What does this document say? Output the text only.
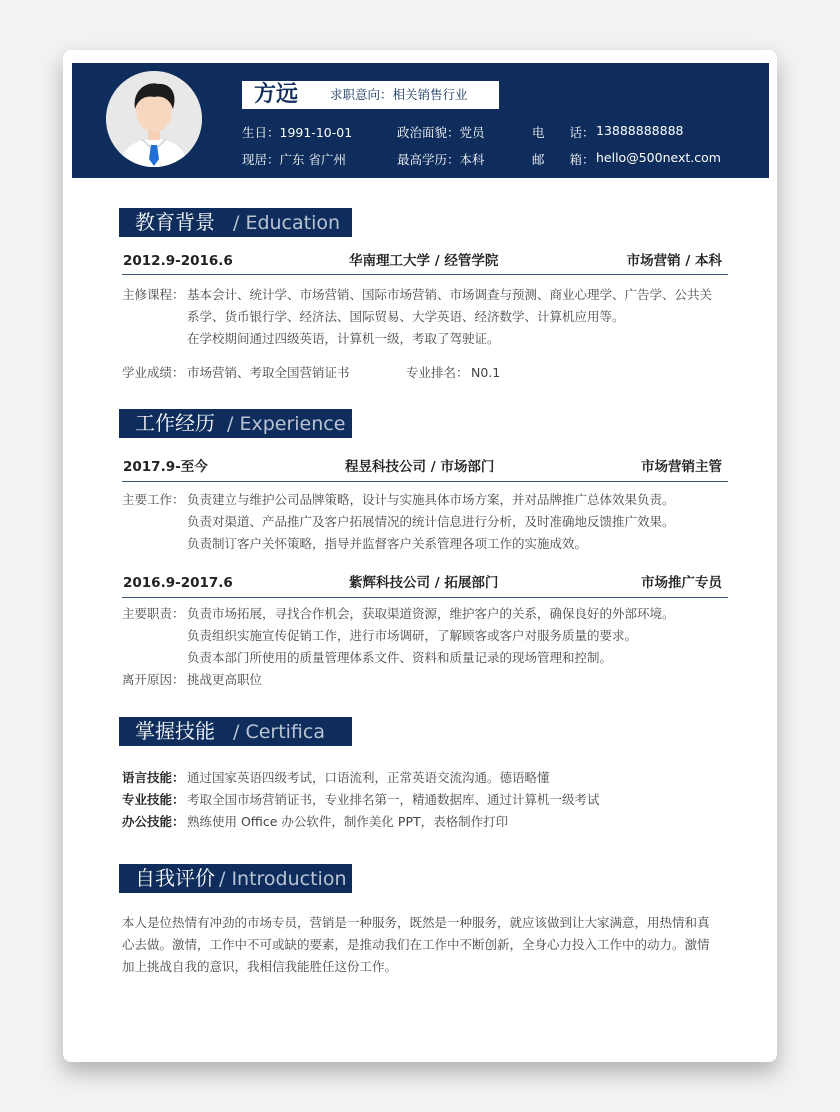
方远	求职意向：相关销售行业
生日：1991-10-01	政治面貌：党员	电　　话： 13888888888
现居：广东 省广州	最高学历：本科	邮　　箱： hello@500next.com
教育背景 / Education
2012.9-2016.6	华南理工大学 / 经管学院	市场营销 / 本科
主修课程： 基本会计、统计学、市场营销、国际市场营销、市场调查与预测、商业心理学、广告学、公共关
系学、货币银行学、经济法、国际贸易、大学英语、经济数学、计算机应用等。
在学校期间通过四级英语，计算机一级，考取了驾驶证。
学业成绩： 市场营销、考取全国营销证书	专业排名： N0.1
工作经历 / Experience
2017.9-至今	程昱科技公司 / 市场部门	市场营销主管
主要工作： 负责建立与维护公司品牌策略，设计与实施具体市场方案，并对品牌推广总体效果负责。
负责对渠道、产品推广及客户拓展情况的统计信息进行分析，及时准确地反馈推广效果。
负责制订客户关怀策略，指导并监督客户关系管理各项工作的实施成效。
2016.9-2017.6	紫辉科技公司 / 拓展部门	市场推广专员
主要职责： 负责市场拓展，寻找合作机会，获取渠道资源，维护客户的关系，确保良好的外部环境。
负责组织实施宣传促销工作，进行市场调研，了解顾客或客户对服务质量的要求。
负责本部门所使用的质量管理体系文件、资料和质量记录的现场管理和控制。
离开原因： 挑战更高职位
掌握技能 / Certifica
语言技能： 通过国家英语四级考试，口语流利，正常英语交流沟通。德语略懂
专业技能： 考取全国市场营销证书，专业排名第一，精通数据库、通过计算机一级考试
办公技能： 熟练使用 Office 办公软件，制作美化 PPT，表格制作打印
自我评价 / Introduction
本人是位热情有冲劲的市场专员，营销是一种服务，既然是一种服务，就应该做到让大家满意，用热情和真
心去做。激情，工作中不可或缺的要素，是推动我们在工作中不断创新，全身心力投入工作中的动力。激情
加上挑战自我的意识，我相信我能胜任这份工作。
